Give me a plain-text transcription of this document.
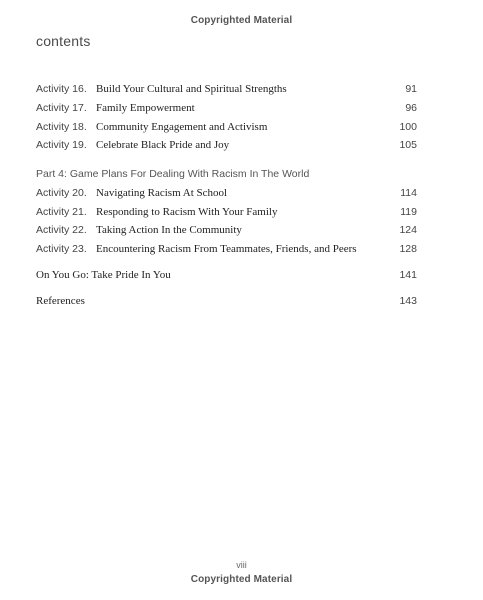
Copyrighted Material
contents
Activity 16. Build Your Cultural and Spiritual Strengths	91
Activity 17. Family Empowerment	96
Activity 18. Community Engagement and Activism	100
Activity 19. Celebrate Black Pride and Joy	105
Part 4: Game Plans For Dealing With Racism In The World
Activity 20. Navigating Racism At School	114
Activity 21. Responding to Racism With Your Family	119
Activity 22. Taking Action In the Community	124
Activity 23. Encountering Racism From Teammates, Friends, and Peers	128
On You Go: Take Pride In You	141
References	143
viii
Copyrighted Material
